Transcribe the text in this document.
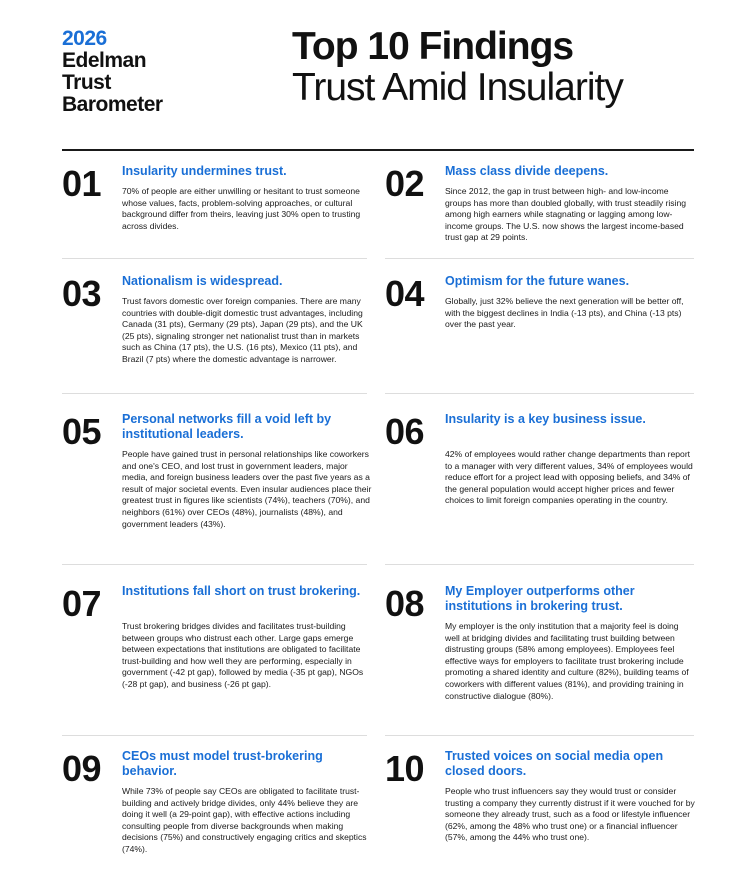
2026
Edelman
Trust
Barometer
Top 10 Findings
Trust Amid Insularity
01 Insularity undermines trust.
70% of people are either unwilling or hesitant to trust someone whose values, facts, problem-solving approaches, or cultural background differ from theirs, leaving just 30% open to trusting across divides.
02 Mass class divide deepens.
Since 2012, the gap in trust between high- and low-income groups has more than doubled globally, with trust steadily rising among high earners while stagnating or lagging among low-income groups. The U.S. now shows the largest income-based trust gap at 29 points.
03 Nationalism is widespread.
Trust favors domestic over foreign companies. There are many countries with double-digit domestic trust advantages, including Canada (31 pts), Germany (29 pts), Japan (29 pts), and the UK (25 pts), signaling stronger net nationalist trust than in markets such as China (17 pts), the U.S. (16 pts), Mexico (11 pts), and Brazil (7 pts) where the domestic advantage is narrower.
04 Optimism for the future wanes.
Globally, just 32% believe the next generation will be better off, with the biggest declines in India (-13 pts), and China (-13 pts) over the past year.
05 Personal networks fill a void left by institutional leaders.
People have gained trust in personal relationships like coworkers and one's CEO, and lost trust in government leaders, major media, and foreign business leaders over the past five years as a result of major societal events. Even insular audiences place their greatest trust in figures like scientists (74%), teachers (70%), and neighbors (61%) over CEOs (48%), journalists (48%), and government leaders (43%).
06 Insularity is a key business issue.
42% of employees would rather change departments than report to a manager with very different values, 34% of employees would reduce effort for a project lead with opposing beliefs, and 34% of the general population would accept higher prices and fewer choices to limit foreign companies operating in the country.
07 Institutions fall short on trust brokering.
Trust brokering bridges divides and facilitates trust-building between groups who distrust each other. Large gaps emerge between expectations that institutions are obligated to facilitate trust-building and how well they are performing, especially in government (-42 pt gap), followed by media (-35 pt gap), NGOs (-28 pt gap), and business (-26 pt gap).
08 My Employer outperforms other institutions in brokering trust.
My employer is the only institution that a majority feel is doing well at bridging divides and facilitating trust building between distrusting groups (58% among employees). Employees feel effective ways for employers to facilitate trust brokering include promoting a shared identity and culture (82%), building teams of coworkers with different values (81%), and providing training in constructive dialogue (80%).
09 CEOs must model trust-brokering behavior.
While 73% of people say CEOs are obligated to facilitate trust-building and actively bridge divides, only 44% believe they are doing it well (a 29-point gap), with effective actions including consulting people from diverse backgrounds when making decisions (75%) and constructively engaging critics and skeptics (74%).
10 Trusted voices on social media open closed doors.
People who trust influencers say they would trust or consider trusting a company they currently distrust if it were vouched for by someone they already trust, such as a food or lifestyle influencer (62%, among the 48% who trust one) or a financial influencer (57%, among the 44% who trust one).
